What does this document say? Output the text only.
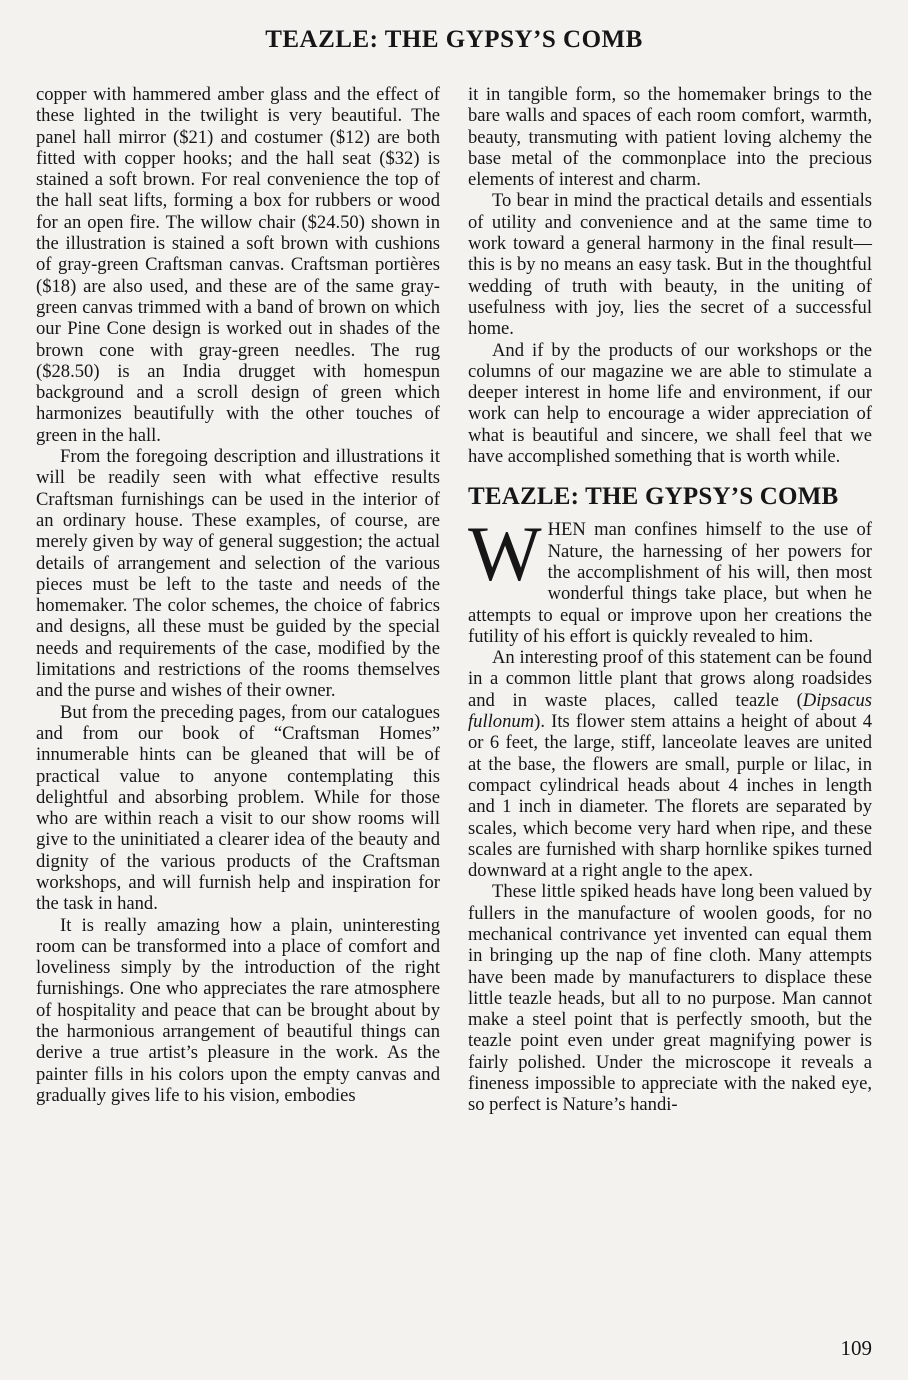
TEAZLE: THE GYPSY’S COMB

copper with hammered amber glass and the effect of these lighted in the twilight is very beautiful. The panel hall mirror ($21) and costumer ($12) are both fitted with copper hooks; and the hall seat ($32) is stained a soft brown. For real convenience the top of the hall seat lifts, forming a box for rubbers or wood for an open fire. The willow chair ($24.50) shown in the illustration is stained a soft brown with cushions of gray-green Craftsman canvas. Craftsman portières ($18) are also used, and these are of the same gray-green canvas trimmed with a band of brown on which our Pine Cone design is worked out in shades of the brown cone with gray-green needles. The rug ($28.50) is an India drugget with homespun background and a scroll design of green which harmonizes beautifully with the other touches of green in the hall.

From the foregoing description and illustrations it will be readily seen with what effective results Craftsman furnishings can be used in the interior of an ordinary house. These examples, of course, are merely given by way of general suggestion; the actual details of arrangement and selection of the various pieces must be left to the taste and needs of the homemaker. The color schemes, the choice of fabrics and designs, all these must be guided by the special needs and requirements of the case, modified by the limitations and restrictions of the rooms themselves and the purse and wishes of their owner.

But from the preceding pages, from our catalogues and from our book of “Craftsman Homes” innumerable hints can be gleaned that will be of practical value to anyone contemplating this delightful and absorbing problem. While for those who are within reach a visit to our show rooms will give to the uninitiated a clearer idea of the beauty and dignity of the various products of the Craftsman workshops, and will furnish help and inspiration for the task in hand.

It is really amazing how a plain, uninteresting room can be transformed into a place of comfort and loveliness simply by the introduction of the right furnishings. One who appreciates the rare atmosphere of hospitality and peace that can be brought about by the harmonious arrangement of beautiful things can derive a true artist’s pleasure in the work. As the painter fills in his colors upon the empty canvas and gradually gives life to his vision, embodies

it in tangible form, so the homemaker brings to the bare walls and spaces of each room comfort, warmth, beauty, transmuting with patient loving alchemy the base metal of the commonplace into the precious elements of interest and charm.

To bear in mind the practical details and essentials of utility and convenience and at the same time to work toward a general harmony in the final result—this is by no means an easy task. But in the thoughtful wedding of truth with beauty, in the uniting of usefulness with joy, lies the secret of a successful home.

And if by the products of our workshops or the columns of our magazine we are able to stimulate a deeper interest in home life and environment, if our work can help to encourage a wider appreciation of what is beautiful and sincere, we shall feel that we have accomplished something that is worth while.

TEAZLE: THE GYPSY’S COMB

WHEN man confines himself to the use of Nature, the harnessing of her powers for the accomplishment of his will, then most wonderful things take place, but when he attempts to equal or improve upon her creations the futility of his effort is quickly revealed to him.

An interesting proof of this statement can be found in a common little plant that grows along roadsides and in waste places, called teazle (Dipsacus fullonum). Its flower stem attains a height of about 4 or 6 feet, the large, stiff, lanceolate leaves are united at the base, the flowers are small, purple or lilac, in compact cylindrical heads about 4 inches in length and 1 inch in diameter. The florets are separated by scales, which become very hard when ripe, and these scales are furnished with sharp hornlike spikes turned downward at a right angle to the apex.

These little spiked heads have long been valued by fullers in the manufacture of woolen goods, for no mechanical contrivance yet invented can equal them in bringing up the nap of fine cloth. Many attempts have been made by manufacturers to displace these little teazle heads, but all to no purpose. Man cannot make a steel point that is perfectly smooth, but the teazle point even under great magnifying power is fairly polished. Under the microscope it reveals a fineness impossible to appreciate with the naked eye, so perfect is Nature’s handi-

109
